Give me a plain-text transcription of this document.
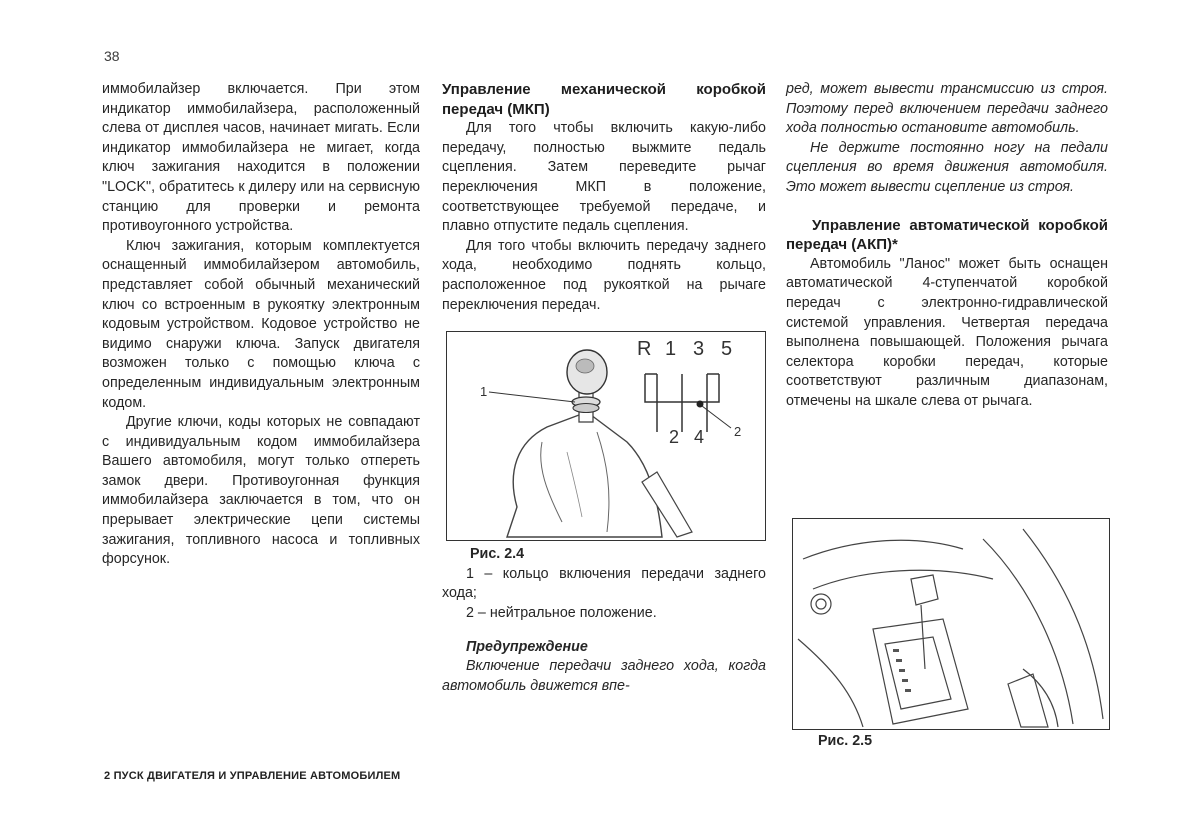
38

иммобилайзер включается. При этом индикатор иммобилайзера, расположенный слева от дисплея часов, начинает мигать. Если индикатор иммобилайзера не мигает, когда ключ зажигания находится в положении "LOCK", обратитесь к дилеру или на сервисную станцию для проверки и ремонта противоугонного устройства.

Ключ зажигания, которым комплектуется оснащенный иммобилайзером автомобиль, представляет собой обычный механический ключ со встроенным в рукоятку электронным кодовым устройством. Кодовое устройство не видимо снаружи ключа. Запуск двигателя возможен только с помощью ключа с определенным индивидуальным электронным кодом.

Другие ключи, коды которых не совпадают с индивидуальным кодом иммобилайзера Вашего автомобиля, могут только отпереть замок двери. Противоугонная функция иммобилайзера заключается в том, что он прерывает электрические цепи системы зажигания, топливного насоса и топливных форсунок.

Управление механической коробкой передач (МКП)

Для того чтобы включить какую-либо передачу, полностью выжмите педаль сцепления. Затем переведите рычаг переключения МКП в положение, соответствующее требуемой передаче, и плавно отпустите педаль сцепления.

Для того чтобы включить передачу заднего хода, необходимо поднять кольцо, расположенное под рукояткой на рычаге переключения передач.

R 1 3 5
2 4
1
2

Рис. 2.4

1 – кольцо включения передачи заднего хода;

2 – нейтральное положение.

Предупреждение

Включение передачи заднего хода, когда автомобиль движется впе-

ред, может вывести трансмиссию из строя. Поэтому перед включением передачи заднего хода полностью остановите автомобиль.

Не держите постоянно ногу на педали сцепления во время движения автомобиля. Это может вывести сцепление из строя.

Управление автоматической коробкой передач (АКП)*

Автомобиль "Ланос" может быть оснащен автоматической 4-ступенчатой коробкой передач с электронно-гидравлической системой управления. Четвертая передача выполнена повышающей. Положения рычага селектора коробки передач, которые соответствуют различным диапазонам, отмечены на шкале слева от рычага.

Рис. 2.5
2 ПУСК ДВИГАТЕЛЯ И УПРАВЛЕНИЕ АВТОМОБИЛЕМ
